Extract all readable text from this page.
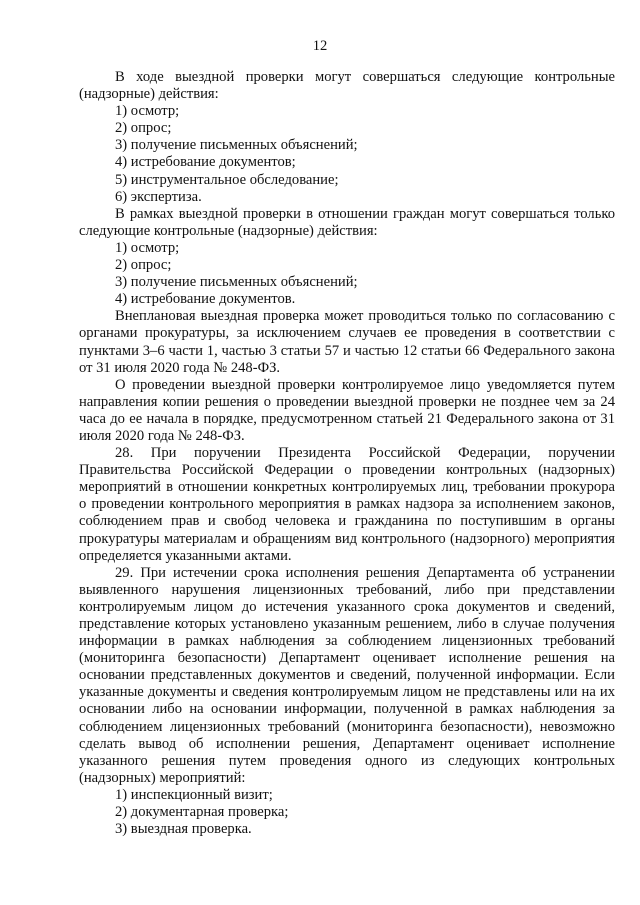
12

В ходе выездной проверки могут совершаться следующие контрольные (надзорные) действия:

1) осмотр;

2) опрос;

3) получение письменных объяснений;

4) истребование документов;

5) инструментальное обследование;

6) экспертиза.

В рамках выездной проверки в отношении граждан могут совершаться только следующие контрольные (надзорные) действия:

1) осмотр;

2) опрос;

3) получение письменных объяснений;

4) истребование документов.

Внеплановая выездная проверка может проводиться только по согласованию с органами прокуратуры, за исключением случаев ее проведения в соответствии с пунктами 3–6 части 1, частью 3 статьи 57 и частью 12 статьи 66 Федерального закона от 31 июля 2020 года № 248-ФЗ.

О проведении выездной проверки контролируемое лицо уведомляется путем направления копии решения о проведении выездной проверки не позднее чем за 24 часа до ее начала в порядке, предусмотренном статьей 21 Федерального закона от 31 июля 2020 года № 248-ФЗ.

28. При поручении Президента Российской Федерации, поручении Правительства Российской Федерации о проведении контрольных (надзорных) мероприятий в отношении конкретных контролируемых лиц, требовании прокурора о проведении контрольного мероприятия в рамках надзора за исполнением законов, соблюдением прав и свобод человека и гражданина по поступившим в органы прокуратуры материалам и обращениям вид контрольного (надзорного) мероприятия определяется указанными актами.

29. При истечении срока исполнения решения Департамента об устранении выявленного нарушения лицензионных требований, либо при представлении контролируемым лицом до истечения указанного срока документов и сведений, представление которых установлено указанным решением, либо в случае получения информации в рамках наблюдения за соблюдением лицензионных требований (мониторинга безопасности) Департамент оценивает исполнение решения на основании представленных документов и сведений, полученной информации. Если указанные документы и сведения контролируемым лицом не представлены или на их основании либо на основании информации, полученной в рамках наблюдения за соблюдением лицензионных требований (мониторинга безопасности), невозможно сделать вывод об исполнении решения, Департамент оценивает исполнение указанного решения путем проведения одного из следующих контрольных (надзорных) мероприятий:

1) инспекционный визит;

2) документарная проверка;

3) выездная проверка.
